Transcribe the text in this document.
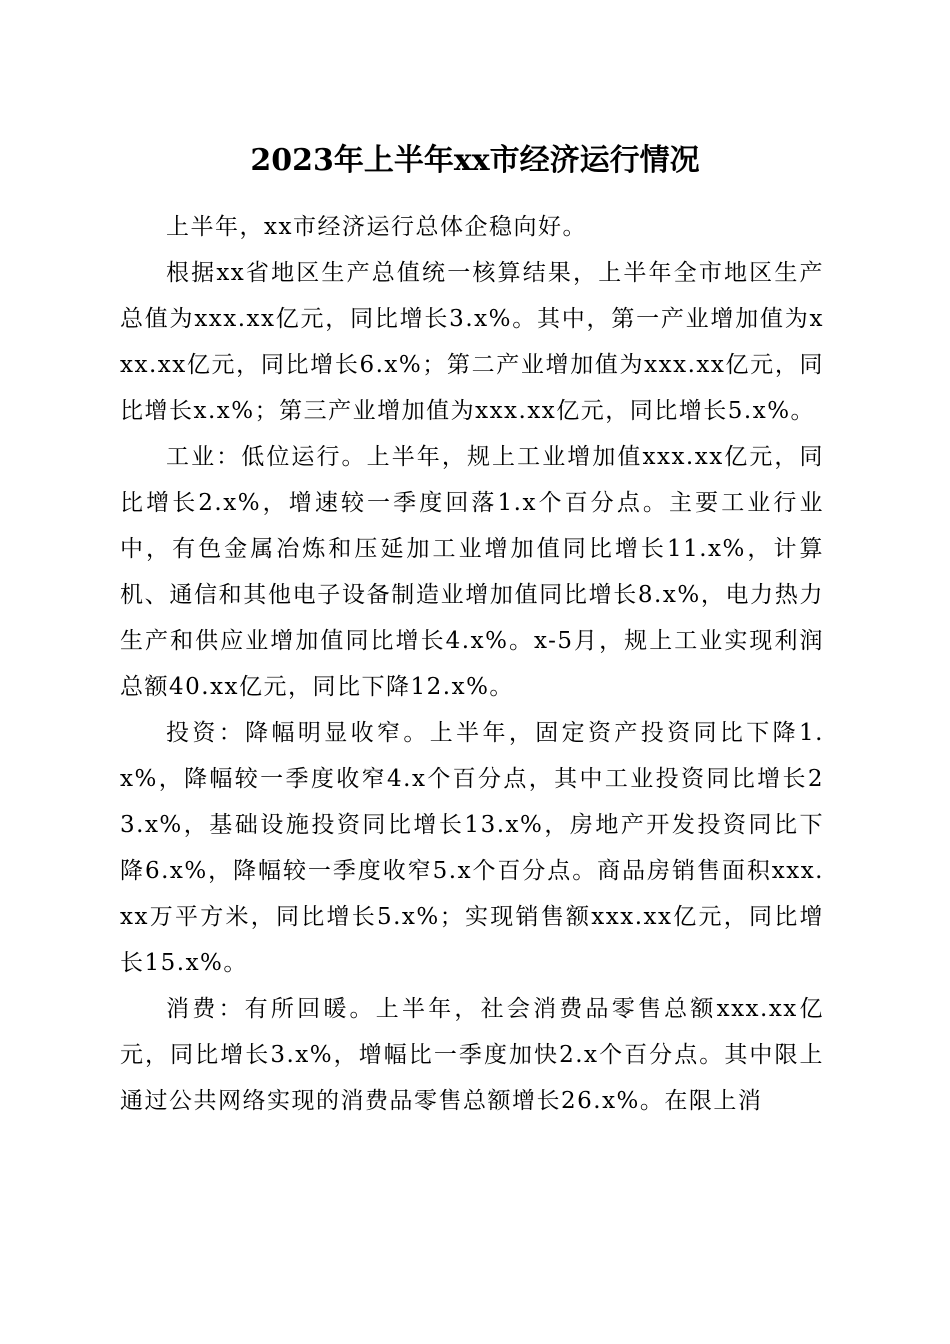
2023年上半年xx市经济运行情况

上半年，xx市经济运行总体企稳向好。

根据xx省地区生产总值统一核算结果，上半年全市地区生产总值为xxx.xx亿元，同比增长3.x%。其中，第一产业增加值为xxx.xx亿元，同比增长6.x%；第二产业增加值为xxx.xx亿元，同比增长x.x%；第三产业增加值为xxx.xx亿元，同比增长5.x%。

工业：低位运行。上半年，规上工业增加值xxx.xx亿元，同比增长2.x%，增速较一季度回落1.x个百分点。主要工业行业中，有色金属冶炼和压延加工业增加值同比增长11.x%，计算机、通信和其他电子设备制造业增加值同比增长8.x%，电力热力生产和供应业增加值同比增长4.x%。x-5月，规上工业实现利润总额40.xx亿元，同比下降12.x%。

投资：降幅明显收窄。上半年，固定资产投资同比下降1.x%，降幅较一季度收窄4.x个百分点，其中工业投资同比增长23.x%，基础设施投资同比增长13.x%，房地产开发投资同比下降6.x%，降幅较一季度收窄5.x个百分点。商品房销售面积xxx.xx万平方米，同比增长5.x%；实现销售额xxx.xx亿元，同比增长15.x%。

消费：有所回暖。上半年，社会消费品零售总额xxx.xx亿元，同比增长3.x%，增幅比一季度加快2.x个百分点。其中限上通过公共网络实现的消费品零售总额增长26.x%。在限上消
